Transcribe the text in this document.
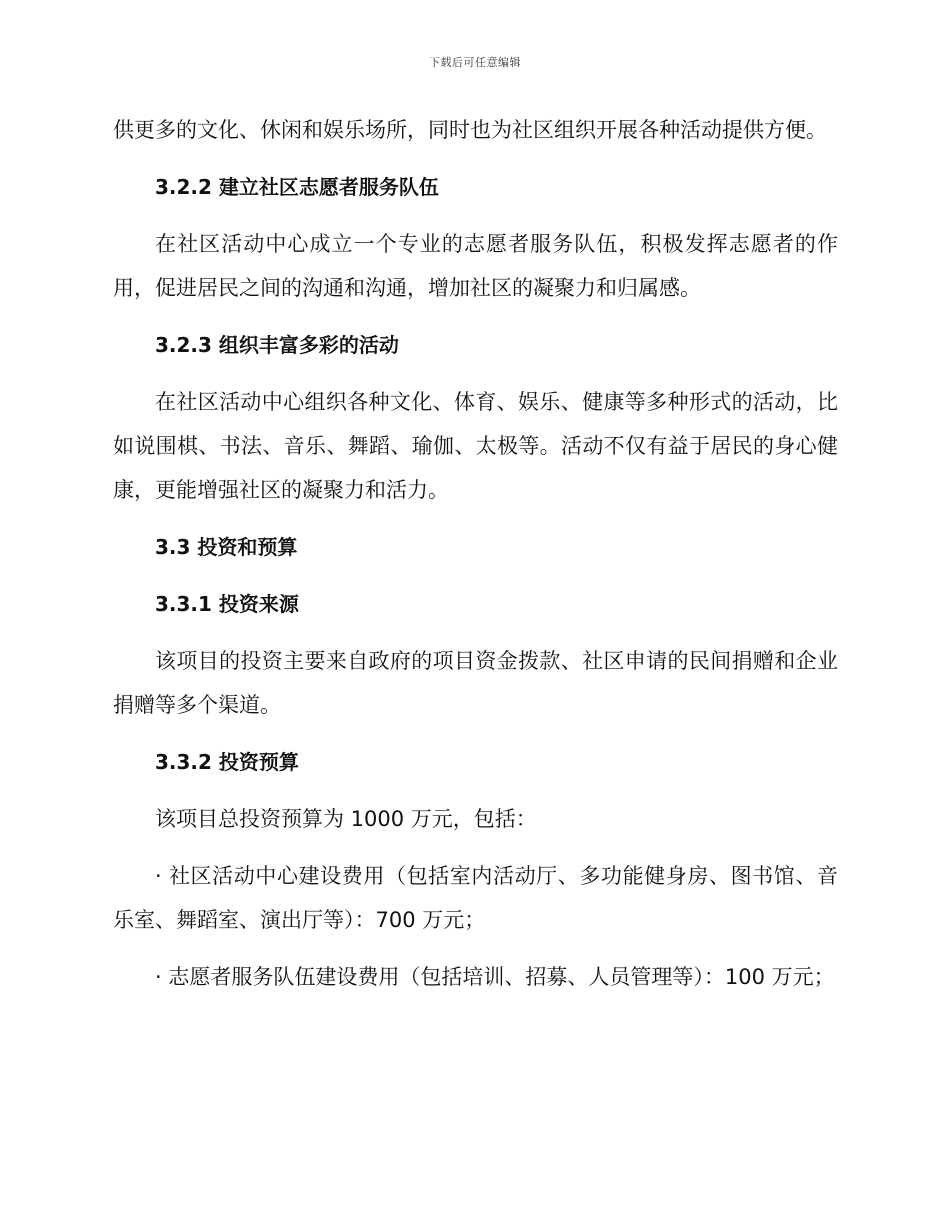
下载后可任意编辑

供更多的文化、休闲和娱乐场所，同时也为社区组织开展各种活动提供方便。

3.2.2 建立社区志愿者服务队伍

在社区活动中心成立一个专业的志愿者服务队伍，积极发挥志愿者的作用，促进居民之间的沟通和沟通，增加社区的凝聚力和归属感。

3.2.3 组织丰富多彩的活动

在社区活动中心组织各种文化、体育、娱乐、健康等多种形式的活动，比如说围棋、书法、音乐、舞蹈、瑜伽、太极等。活动不仅有益于居民的身心健康，更能增强社区的凝聚力和活力。

3.3 投资和预算
3.3.1 投资来源

该项目的投资主要来自政府的项目资金拨款、社区申请的民间捐赠和企业捐赠等多个渠道。

3.3.2 投资预算

该项目总投资预算为 1000 万元，包括：

· 社区活动中心建设费用（包括室内活动厅、多功能健身房、图书馆、音乐室、舞蹈室、演出厅等）：700 万元；

· 志愿者服务队伍建设费用（包括培训、招募、人员管理等）：100 万元；
